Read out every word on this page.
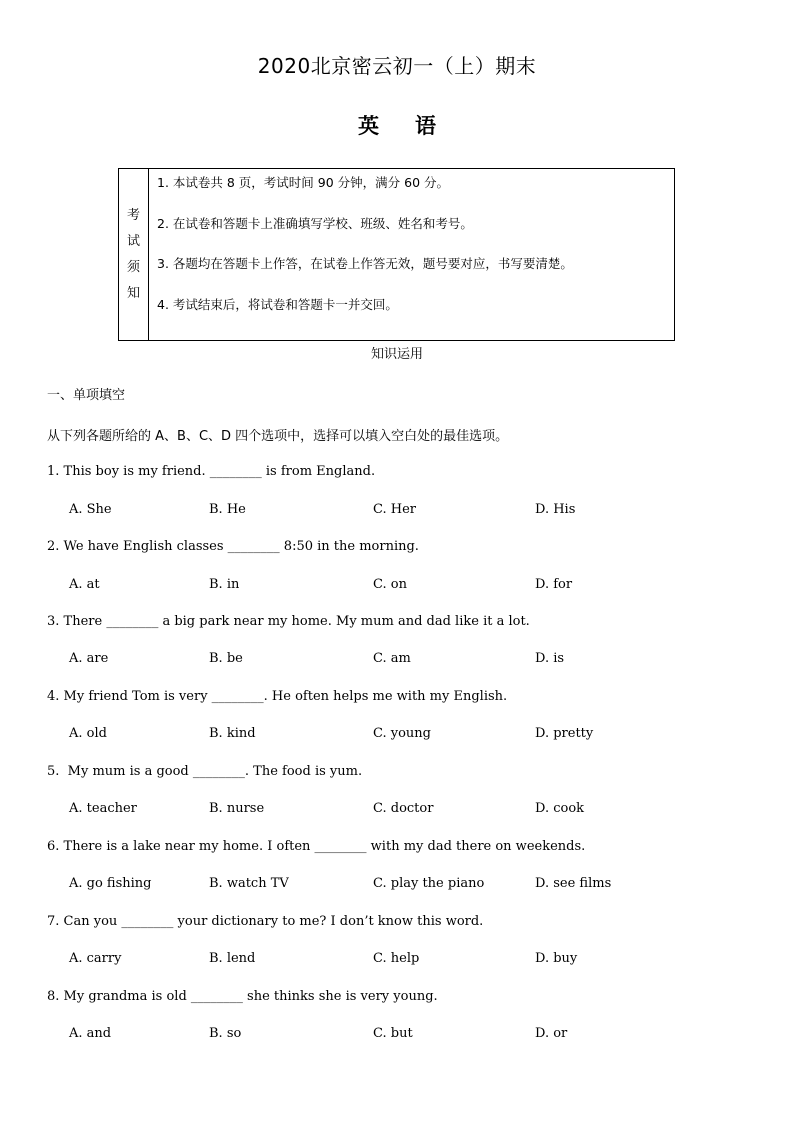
2020北京密云初一（上）期末
英语
考
试
须
知
1. 本试卷共 8 页，考试时间 90 分钟，满分 60 分。
2. 在试卷和答题卡上准确填写学校、班级、姓名和考号。
3. 各题均在答题卡上作答，在试卷上作答无效，题号要对应，书写要清楚。
4. 考试结束后，将试卷和答题卡一并交回。
知识运用
一、单项填空
从下列各题所给的 A、B、C、D 四个选项中，选择可以填入空白处的最佳选项。
1. This boy is my friend. ________ is from England.
A. She	B. He	C. Her	D. His
2. We have English classes ________ 8:50 in the morning.
A. at	B. in	C. on	D. for
3. There ________ a big park near my home. My mum and dad like it a lot.
A. are	B. be	C. am	D. is
4. My friend Tom is very ________. He often helps me with my English.
A. old	B. kind	C. young	D. pretty
5.  My mum is a good ________. The food is yum.
A. teacher	B. nurse	C. doctor	D. cook
6. There is a lake near my home. I often ________ with my dad there on weekends.
A. go fishing	B. watch TV	C. play the piano	D. see films
7. Can you ________ your dictionary to me? I don’t know this word.
A. carry	B. lend	C. help	D. buy
8. My grandma is old ________ she thinks she is very young.
A. and	B. so	C. but	D. or
